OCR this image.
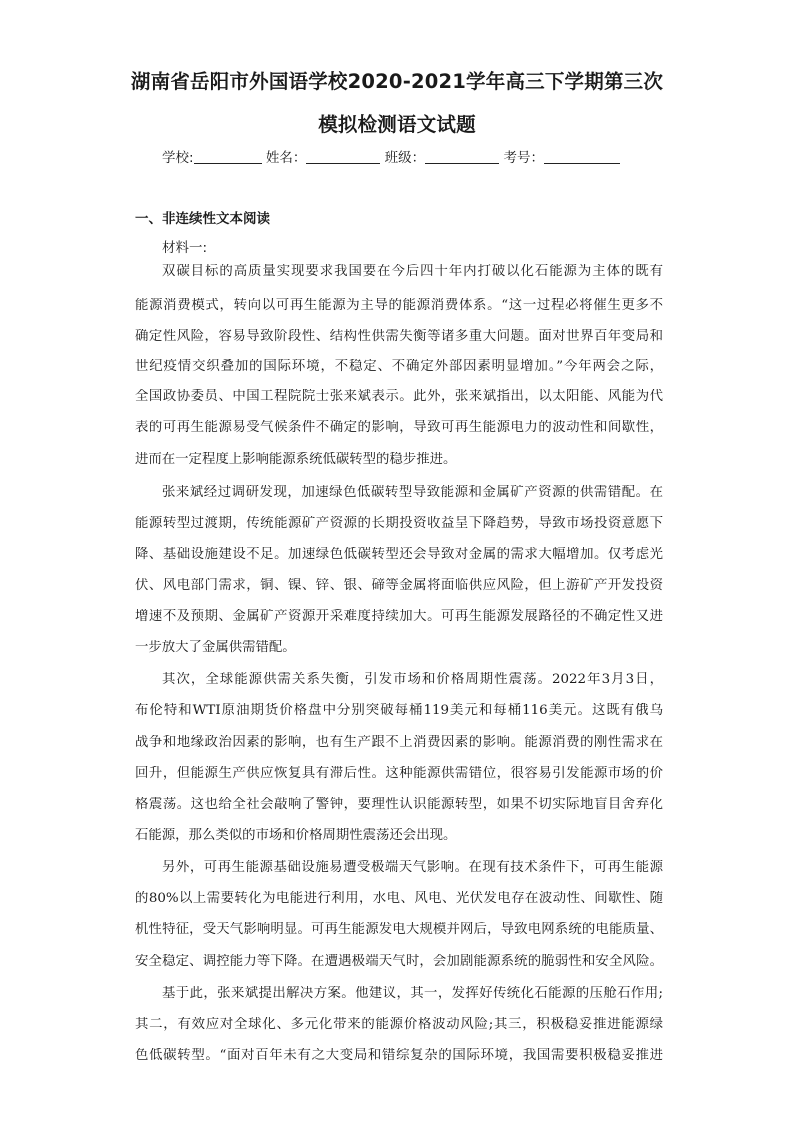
湖南省岳阳市外国语学校2020-2021学年高三下学期第三次
模拟检测语文试题
学校:	姓名：	班级：	考号：
一、非连续性文本阅读
材料一:
双碳目标的高质量实现要求我国要在今后四十年内打破以化石能源为主体的既有
能源消费模式，转向以可再生能源为主导的能源消费体系。“这一过程必将催生更多不
确定性风险，容易导致阶段性、结构性供需失衡等诸多重大问题。面对世界百年变局和
世纪疫情交织叠加的国际环境，不稳定、不确定外部因素明显增加。”今年两会之际，
全国政协委员、中国工程院院士张来斌表示。此外，张来斌指出，以太阳能、风能为代
表的可再生能源易受气候条件不确定的影响，导致可再生能源电力的波动性和间歇性，
进而在一定程度上影响能源系统低碳转型的稳步推进。
张来斌经过调研发现，加速绿色低碳转型导致能源和金属矿产资源的供需错配。在
能源转型过渡期，传统能源矿产资源的长期投资收益呈下降趋势，导致市场投资意愿下
降、基础设施建设不足。加速绿色低碳转型还会导致对金属的需求大幅增加。仅考虑光
伏、风电部门需求，铜、镍、锌、银、碲等金属将面临供应风险，但上游矿产开发投资
增速不及预期、金属矿产资源开采难度持续加大。可再生能源发展路径的不确定性又进
一步放大了金属供需错配。
其次，全球能源供需关系失衡，引发市场和价格周期性震荡。2022年3月3日，
布伦特和WTI原油期货价格盘中分别突破每桶119美元和每桶116美元。这既有俄乌
战争和地缘政治因素的影响，也有生产跟不上消费因素的影响。能源消费的刚性需求在
回升，但能源生产供应恢复具有滞后性。这种能源供需错位，很容易引发能源市场的价
格震荡。这也给全社会敲响了警钟，要理性认识能源转型，如果不切实际地盲目舍弃化
石能源，那么类似的市场和价格周期性震荡还会出现。
另外，可再生能源基础设施易遭受极端天气影响。在现有技术条件下，可再生能源
的80%以上需要转化为电能进行利用，水电、风电、光伏发电存在波动性、间歇性、随
机性特征，受天气影响明显。可再生能源发电大规模并网后，导致电网系统的电能质量、
安全稳定、调控能力等下降。在遭遇极端天气时，会加剧能源系统的脆弱性和安全风险。
基于此，张来斌提出解决方案。他建议，其一，发挥好传统化石能源的压舱石作用;
其二，有效应对全球化、多元化带来的能源价格波动风险;其三，积极稳妥推进能源绿
色低碳转型。“面对百年未有之大变局和错综复杂的国际环境，我国需要积极稳妥推进
